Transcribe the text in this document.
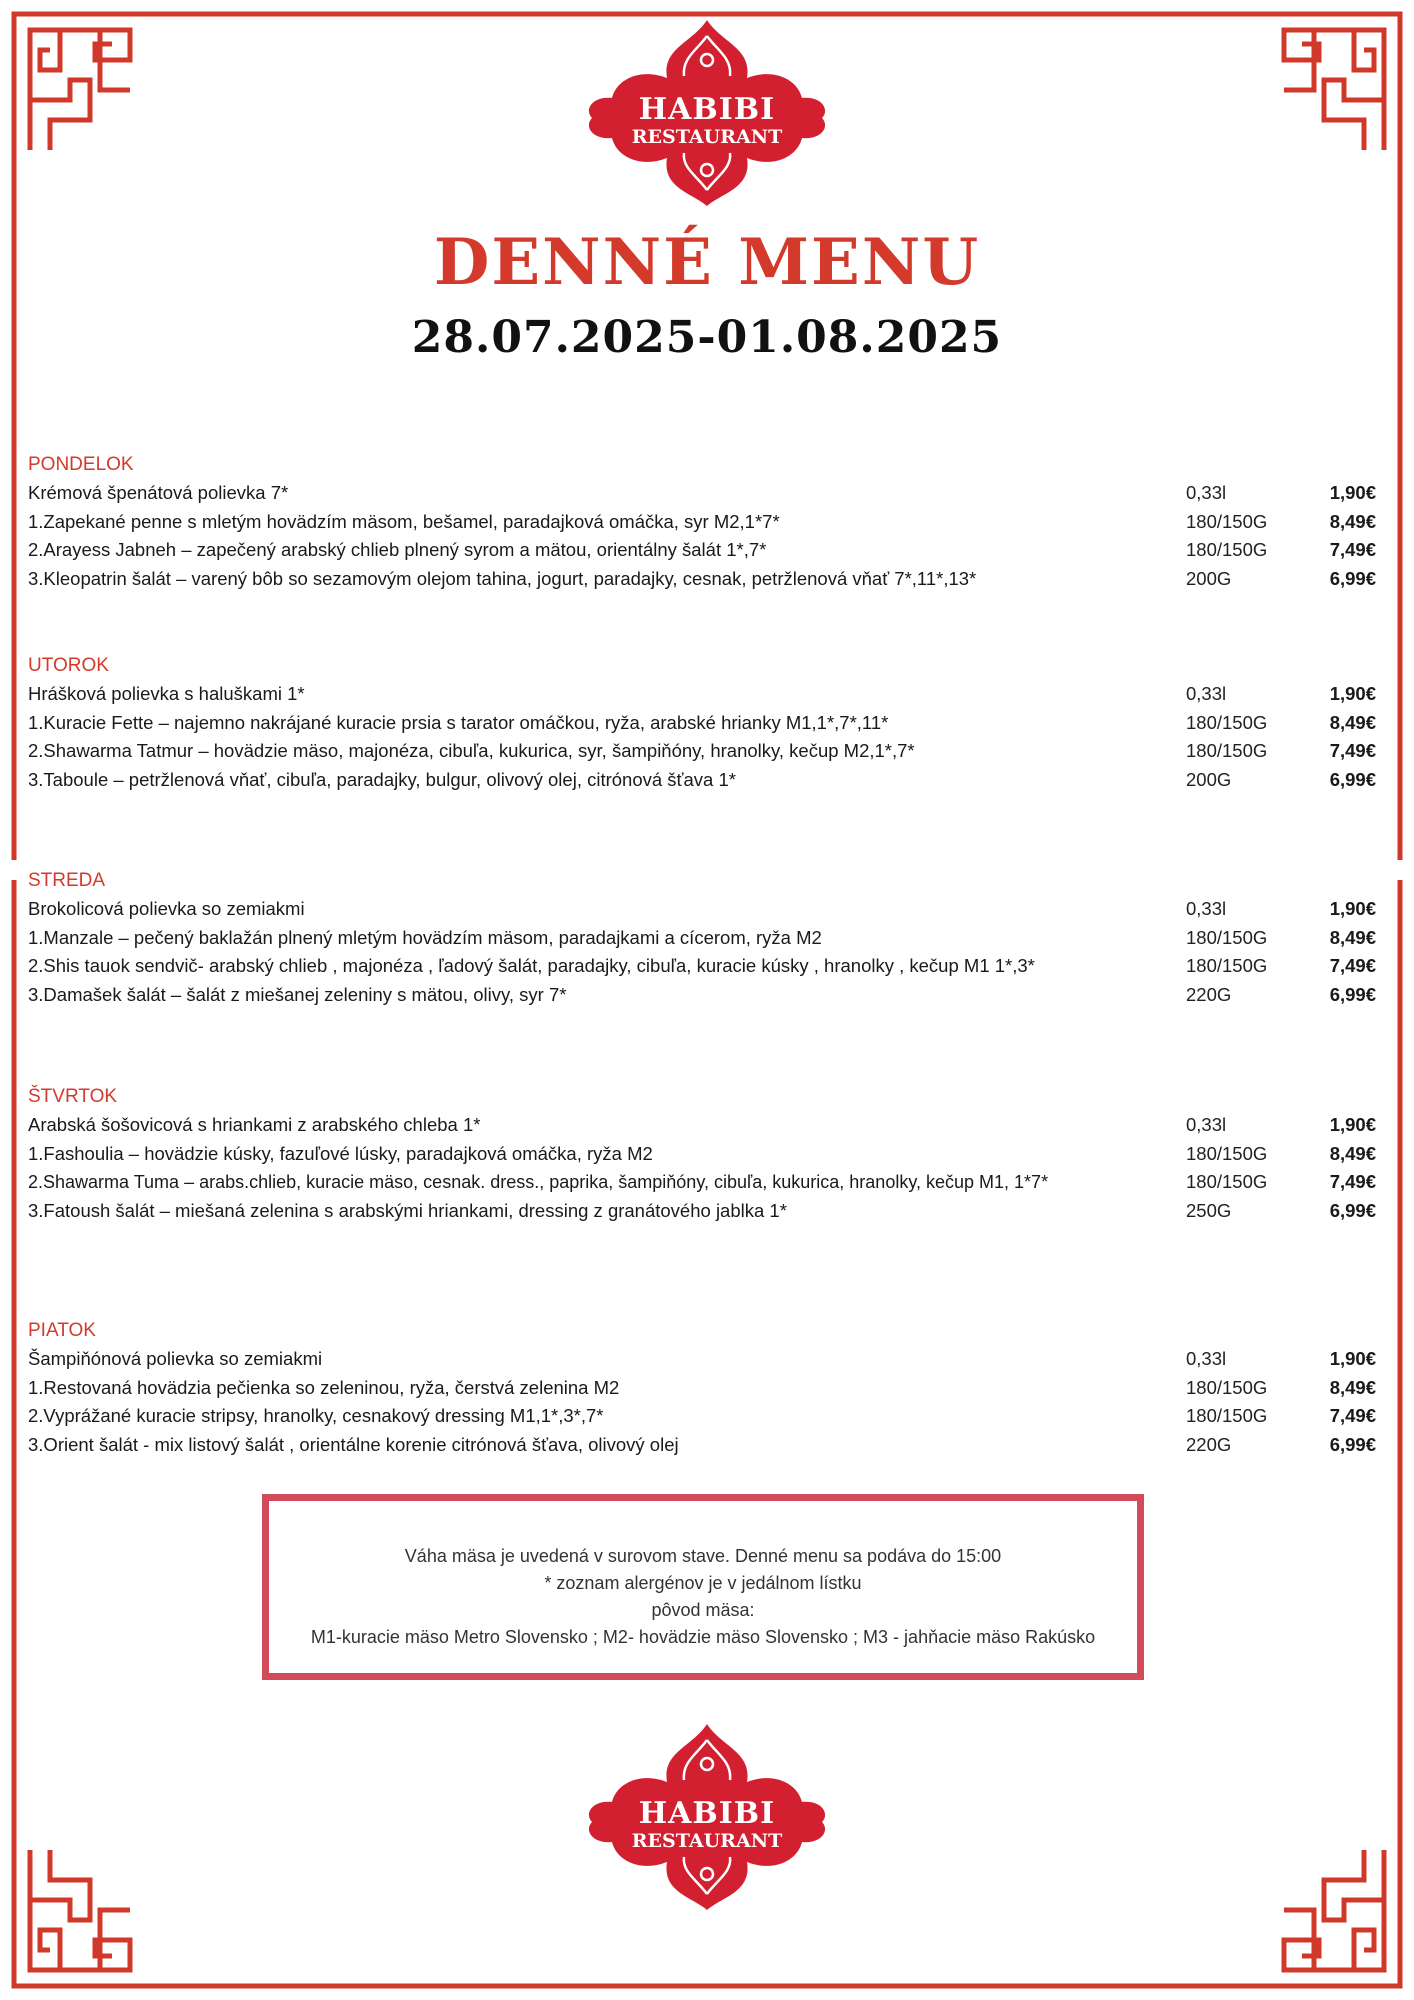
HABIBI
RESTAURANT
DENNÉ MENU
28.07.2025-01.08.2025
PONDELOK
Krémová špenátová polievka 7*	0,33l	1,90€
1.Zapekané penne s mletým hovädzím mäsom, bešamel, paradajková omáčka, syr M2,1*7*	180/150G	8,49€
2.Arayess Jabneh – zapečený arabský chlieb plnený syrom a mätou, orientálny šalát 1*,7*	180/150G	7,49€
3.Kleopatrin šalát – varený bôb so sezamovým olejom tahina, jogurt, paradajky, cesnak, petržlenová vňať 7*,11*,13*	200G	6,99€
UTOROK
Hrášková polievka s haluškami 1*	0,33l	1,90€
1.Kuracie Fette – najemno nakrájané kuracie prsia s tarator omáčkou, ryža, arabské hrianky M1,1*,7*,11*	180/150G	8,49€
2.Shawarma Tatmur – hovädzie mäso, majonéza, cibuľa, kukurica, syr, šampiňóny, hranolky, kečup M2,1*,7*	180/150G	7,49€
3.Taboule – petržlenová vňať, cibuľa, paradajky, bulgur, olivový olej, citrónová šťava 1*	200G	6,99€
STREDA
Brokolicová polievka so zemiakmi	0,33l	1,90€
1.Manzale – pečený baklažán plnený mletým hovädzím mäsom, paradajkami a cícerom, ryža M2	180/150G	8,49€
2.Shis tauok sendvič- arabský chlieb , majonéza , ľadový šalát, paradajky, cibuľa, kuracie kúsky , hranolky , kečup M1 1*,3*	180/150G	7,49€
3.Damašek šalát – šalát z miešanej zeleniny s mätou, olivy, syr 7*	220G	6,99€
ŠTVRTOK
Arabská šošovicová s hriankami z arabského chleba 1*	0,33l	1,90€
1.Fashoulia – hovädzie kúsky, fazuľové lúsky, paradajková omáčka, ryža M2	180/150G	8,49€
2.Shawarma Tuma – arabs.chlieb, kuracie mäso, cesnak. dress., paprika, šampiňóny, cibuľa, kukurica, hranolky, kečup M1, 1*7*	180/150G	7,49€
3.Fatoush šalát – miešaná zelenina s arabskými hriankami, dressing z granátového jablka 1*	250G	6,99€
PIATOK
Šampiňónová polievka so zemiakmi	0,33l	1,90€
1.Restovaná hovädzia pečienka so zeleninou, ryža, čerstvá zelenina M2	180/150G	8,49€
2.Vyprážané kuracie stripsy, hranolky, cesnakový dressing M1,1*,3*,7*	180/150G	7,49€
3.Orient šalát - mix listový šalát , orientálne korenie citrónová šťava, olivový olej	220G	6,99€
Váha mäsa je uvedená v surovom stave. Denné menu sa podáva do 15:00
* zoznam alergénov je v jedálnom lístku
pôvod mäsa:
M1-kuracie mäso Metro Slovensko ; M2- hovädzie mäso Slovensko ; M3 - jahňacie mäso Rakúsko
HABIBI
RESTAURANT
